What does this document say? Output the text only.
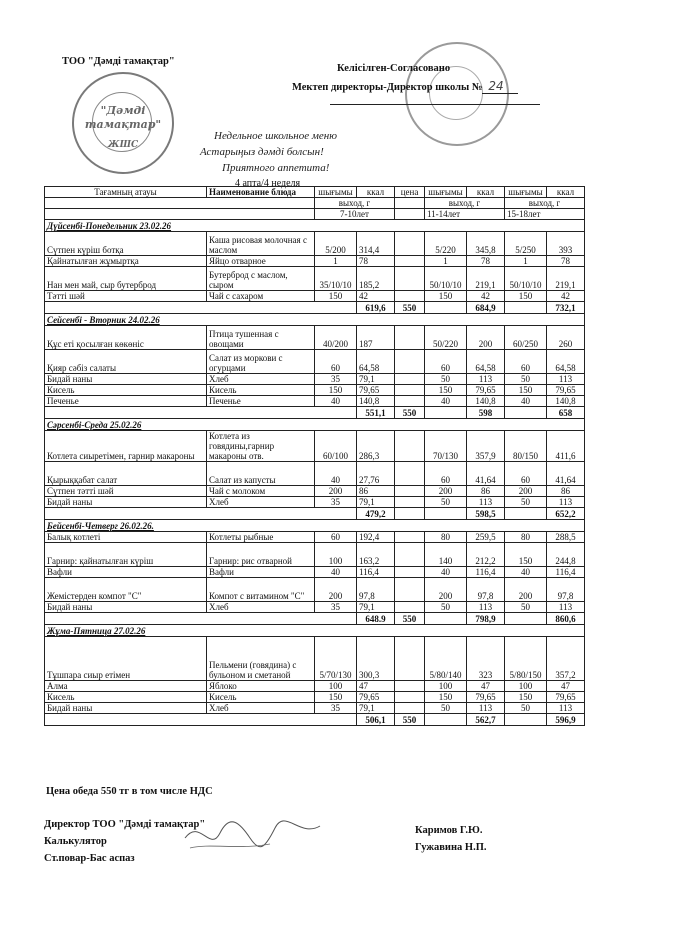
ТОО "Дәмді тамақтар"
"Дәмді
тамақтар"
ЖШС
Келісілген-Согласовано
Мектеп директоры-Директор школы № 24
Недельное школьное меню
Астарыңыз дәмді болсын!
Приятного аппетита!
4 апта/4 неделя
Тағамның атауы	Наименование блюда	шығымы	ккал	цена	шығымы	ккал	шығымы	ккал
		выход, г			выход, г		выход, г	
		7-10лет			11-14лет		15-18лет	
Дүйсенбі-Понедельник 23.02.26								
Сүтпен күріш ботқа	Каша рисовая молочная с маслом	5/200	314,4		5/220	345,8	5/250	393
Қайнатылған жұмыртқа	Яйцо отварное	1	78		1	78	1	78
Нан мен май, сыр бутерброд	Бутерброд с маслом, сыром	35/10/10	185,2		50/10/10	219,1	50/10/10	219,1
Тәтті шәй	Чай с сахаром	150	42		150	42	150	42
			619,6	550		684,9		732,1
Сейсенбі - Вторник 24.02.26								
Құс еті қосылған көкөніс	Птица тушенная с овощами	40/200	187		50/220	200	60/250	260
Қияр сәбіз салаты	Салат из моркови с огурцами	60	64,58		60	64,58	60	64,58
Бидай наны	Хлеб	35	79,1		50	113	50	113
Кисель	Кисель	150	79,65		150	79,65	150	79,65
Печенье	Печенье	40	140,8		40	140,8	40	140,8
			551,1	550		598		658
Сәрсенбі-Среда 25.02.26								
Котлета сиыретімен, гарнир макароны	Котлета из говядины,гарнир макароны отв.	60/100	286,3		70/130	357,9	80/150	411,6
Қырыққабат салат	Салат из капусты	40	27,76		60	41,64	60	41,64
Сүтпен тәтті шәй	Чай с молоком	200	86		200	86	200	86
Бидай наны	Хлеб	35	79,1		50	113	50	113
			479,2			598,5		652,2
Бейсенбі-Четверг 26.02.26.								
Балық котлеті	Котлеты рыбные	60	192,4		80	259,5	80	288,5
Гарнир: қайнатылған күріш	Гарнир: рис отварной	100	163,2		140	212,2	150	244,8
Вафли	Вафли	40	116,4		40	116,4	40	116,4
Жемістерден компот "С"	Компот с витамином "С"	200	97,8		200	97,8	200	97,8
Бидай наны	Хлеб	35	79,1		50	113	50	113
			648.9	550		798,9		860,6
Жұма-Пятница 27.02.26								
Тұшпара сиыр етімен	Пельмени (говядина) с бульоном и сметаной	5/70/130	300,3		5/80/140	323	5/80/150	357,2
Алма	Яблоко	100	47		100	47	100	47
Кисель	Кисель	150	79,65		150	79,65	150	79,65
Бидай наны	Хлеб	35	79,1		50	113	50	113
			506,1	550		562,7		596,9
Цена обеда 550 тг в том числе НДС
Директор ТОО "Дәмді тамақтар"
Калькулятор
Ст.повар-Бас аспаз
Каримов Г.Ю.
Гужавина Н.П.
